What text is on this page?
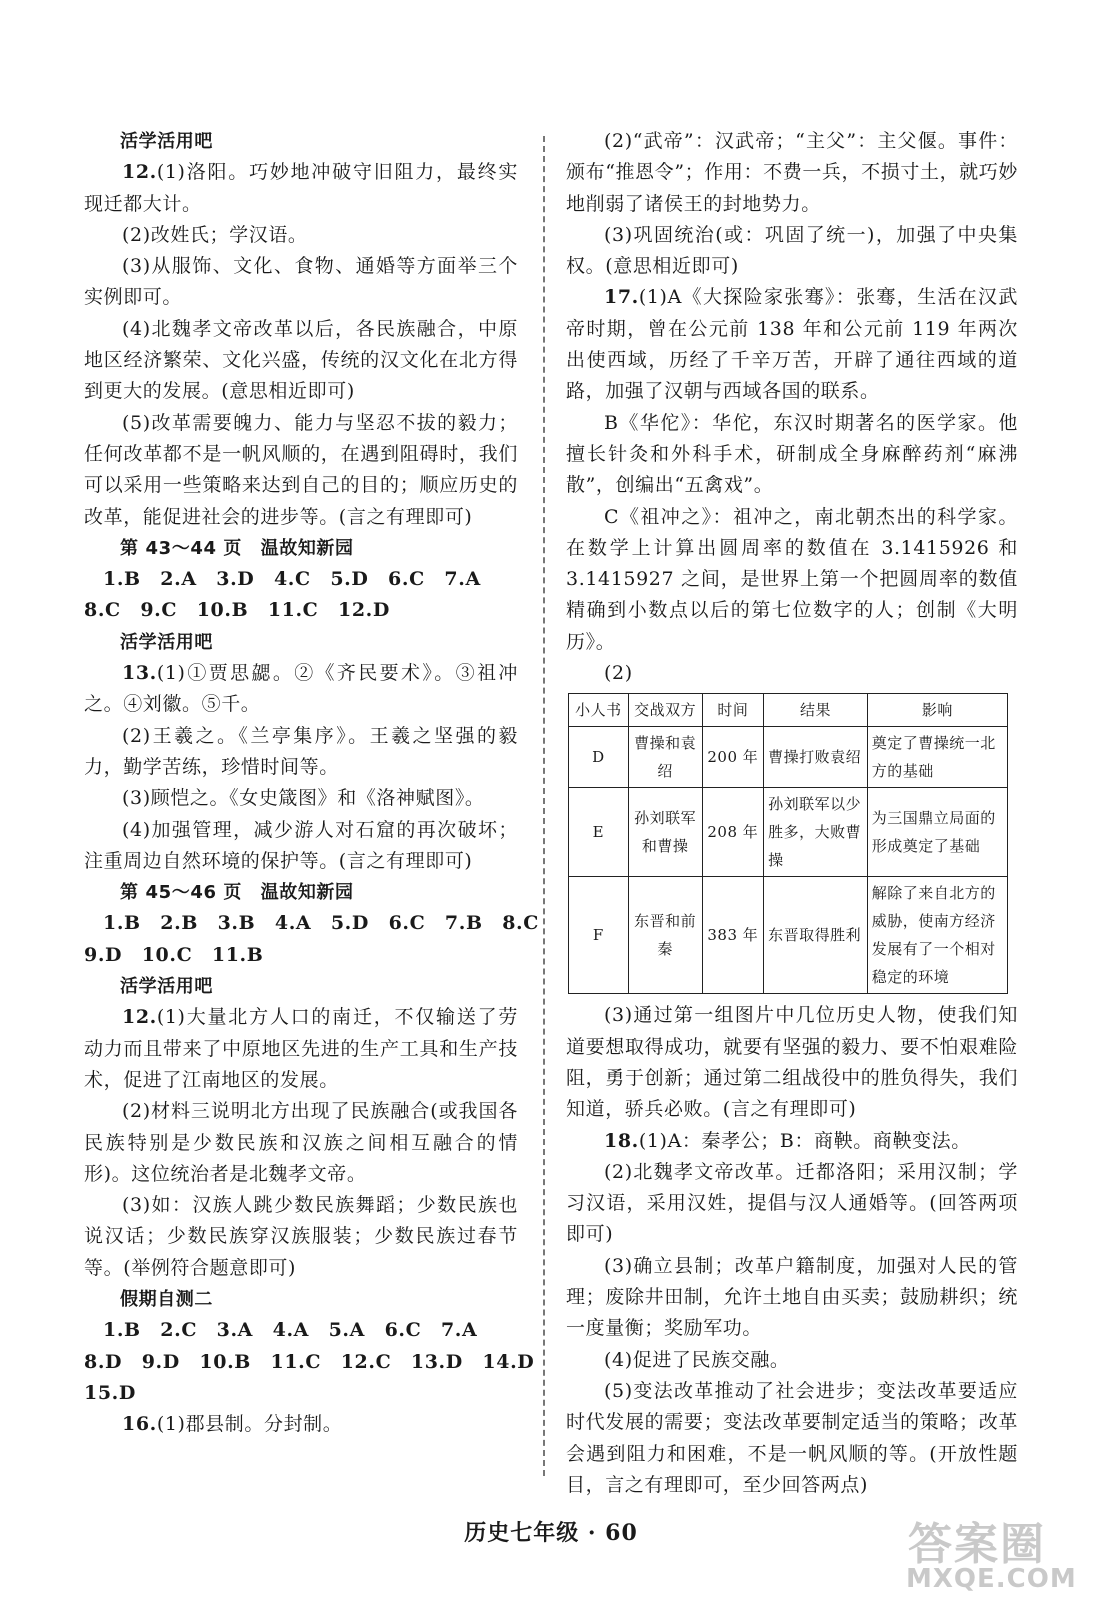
活学活用吧

12.(1)洛阳。巧妙地冲破守旧阻力，最终实现迁都大计。

(2)改姓氏；学汉语。

(3)从服饰、文化、食物、通婚等方面举三个实例即可。

(4)北魏孝文帝改革以后，各民族融合，中原地区经济繁荣、文化兴盛，传统的汉文化在北方得到更大的发展。(意思相近即可)

(5)改革需要魄力、能力与坚忍不拔的毅力；任何改革都不是一帆风顺的，在遇到阻碍时，我们可以采用一些策略来达到自己的目的；顺应历史的改革，能促进社会的进步等。(言之有理即可)

第 43～44 页　温故知新园

1.B　2.A　3.D　4.C　5.D　6.C　7.A

8.C　9.C　10.B　11.C　12.D

活学活用吧

13.(1)①贾思勰。②《齐民要术》。③祖冲之。④刘徽。⑤千。

(2)王羲之。《兰亭集序》。王羲之坚强的毅力，勤学苦练，珍惜时间等。

(3)顾恺之。《女史箴图》和《洛神赋图》。

(4)加强管理，减少游人对石窟的再次破坏；注重周边自然环境的保护等。(言之有理即可)

第 45～46 页　温故知新园

1.B　2.B　3.B　4.A　5.D　6.C　7.B　8.C

9.D　10.C　11.B

活学活用吧

12.(1)大量北方人口的南迁，不仅输送了劳动力而且带来了中原地区先进的生产工具和生产技术，促进了江南地区的发展。

(2)材料三说明北方出现了民族融合(或我国各民族特别是少数民族和汉族之间相互融合的情形)。这位统治者是北魏孝文帝。

(3)如：汉族人跳少数民族舞蹈；少数民族也说汉话；少数民族穿汉族服装；少数民族过春节等。(举例符合题意即可)

假期自测二

1.B　2.C　3.A　4.A　5.A　6.C　7.A

8.D　9.D　10.B　11.C　12.C　13.D　14.D

15.D

16.(1)郡县制。分封制。

(2)“武帝”：汉武帝；“主父”：主父偃。事件：颁布“推恩令”；作用：不费一兵，不损寸土，就巧妙地削弱了诸侯王的封地势力。

(3)巩固统治(或：巩固了统一)，加强了中央集权。(意思相近即可)

17.(1)A《大探险家张骞》：张骞，生活在汉武帝时期，曾在公元前 138 年和公元前 119 年两次出使西域，历经了千辛万苦，开辟了通往西域的道路，加强了汉朝与西域各国的联系。

B《华佗》：华佗，东汉时期著名的医学家。他擅长针灸和外科手术，研制成全身麻醉药剂“麻沸散”，创编出“五禽戏”。

C《祖冲之》：祖冲之，南北朝杰出的科学家。在数学上计算出圆周率的数值在 3.1415926 和 3.1415927 之间，是世界上第一个把圆周率的数值精确到小数点以后的第七位数字的人；创制《大明历》。

(2)

小人书	交战双方	时间	结果	影响
D	曹操和袁绍	200 年	曹操打败袁绍	奠定了曹操统一北方的基础
E	孙刘联军和曹操	208 年	孙刘联军以少胜多，大败曹操	为三国鼎立局面的形成奠定了基础
F	东晋和前秦	383 年	东晋取得胜利	解除了来自北方的威胁，使南方经济发展有了一个相对稳定的环境

(3)通过第一组图片中几位历史人物，使我们知道要想取得成功，就要有坚强的毅力、要不怕艰难险阻，勇于创新；通过第二组战役中的胜负得失，我们知道，骄兵必败。(言之有理即可)

18.(1)A：秦孝公；B：商鞅。商鞅变法。

(2)北魏孝文帝改革。迁都洛阳；采用汉制；学习汉语，采用汉姓，提倡与汉人通婚等。(回答两项即可)

(3)确立县制；改革户籍制度，加强对人民的管理；废除井田制，允许土地自由买卖；鼓励耕织；统一度量衡；奖励军功。

(4)促进了民族交融。

(5)变法改革推动了社会进步；变法改革要适应时代发展的需要；变法改革要制定适当的策略；改革会遇到阻力和困难，不是一帆风顺的等。(开放性题目，言之有理即可，至少回答两点)

历史七年级 · 60	答案圈
MXQE.COM
